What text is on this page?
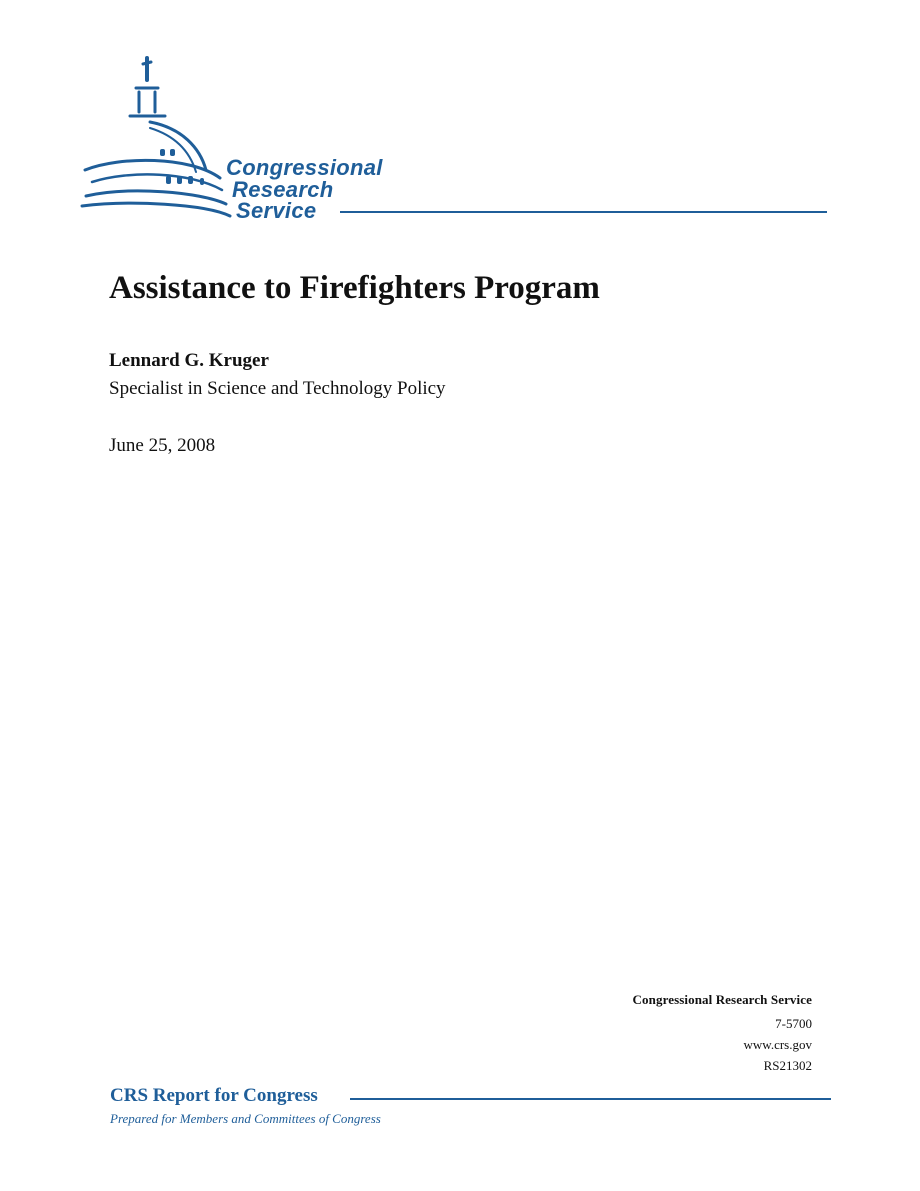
Congressional

Research

Service

Assistance to Firefighters Program

Lennard G. Kruger

Specialist in Science and Technology Policy

June 25, 2008

Congressional Research Service

7-5700

www.crs.gov

RS21302

CRS Report for Congress

Prepared for Members and Committees of Congress
